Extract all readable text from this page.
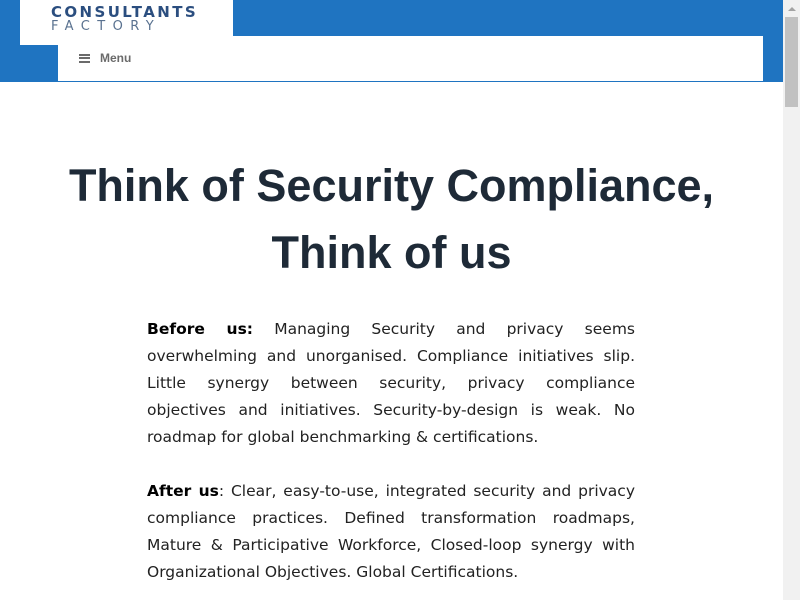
CONSULTANTS
FACTORY
Menu
Think of Security Compliance,
Think of us

Before us: Managing Security and privacy seems overwhelming and unorganised. Compliance initiatives slip. Little synergy between security, privacy compliance objectives and initiatives. Security-by-design is weak. No roadmap for global benchmarking & certifications.

After us: Clear, easy-to-use, integrated security and privacy compliance practices. Defined transformation roadmaps, Mature & Participative Workforce, Closed-loop synergy with Organizational Objectives. Global Certifications.
